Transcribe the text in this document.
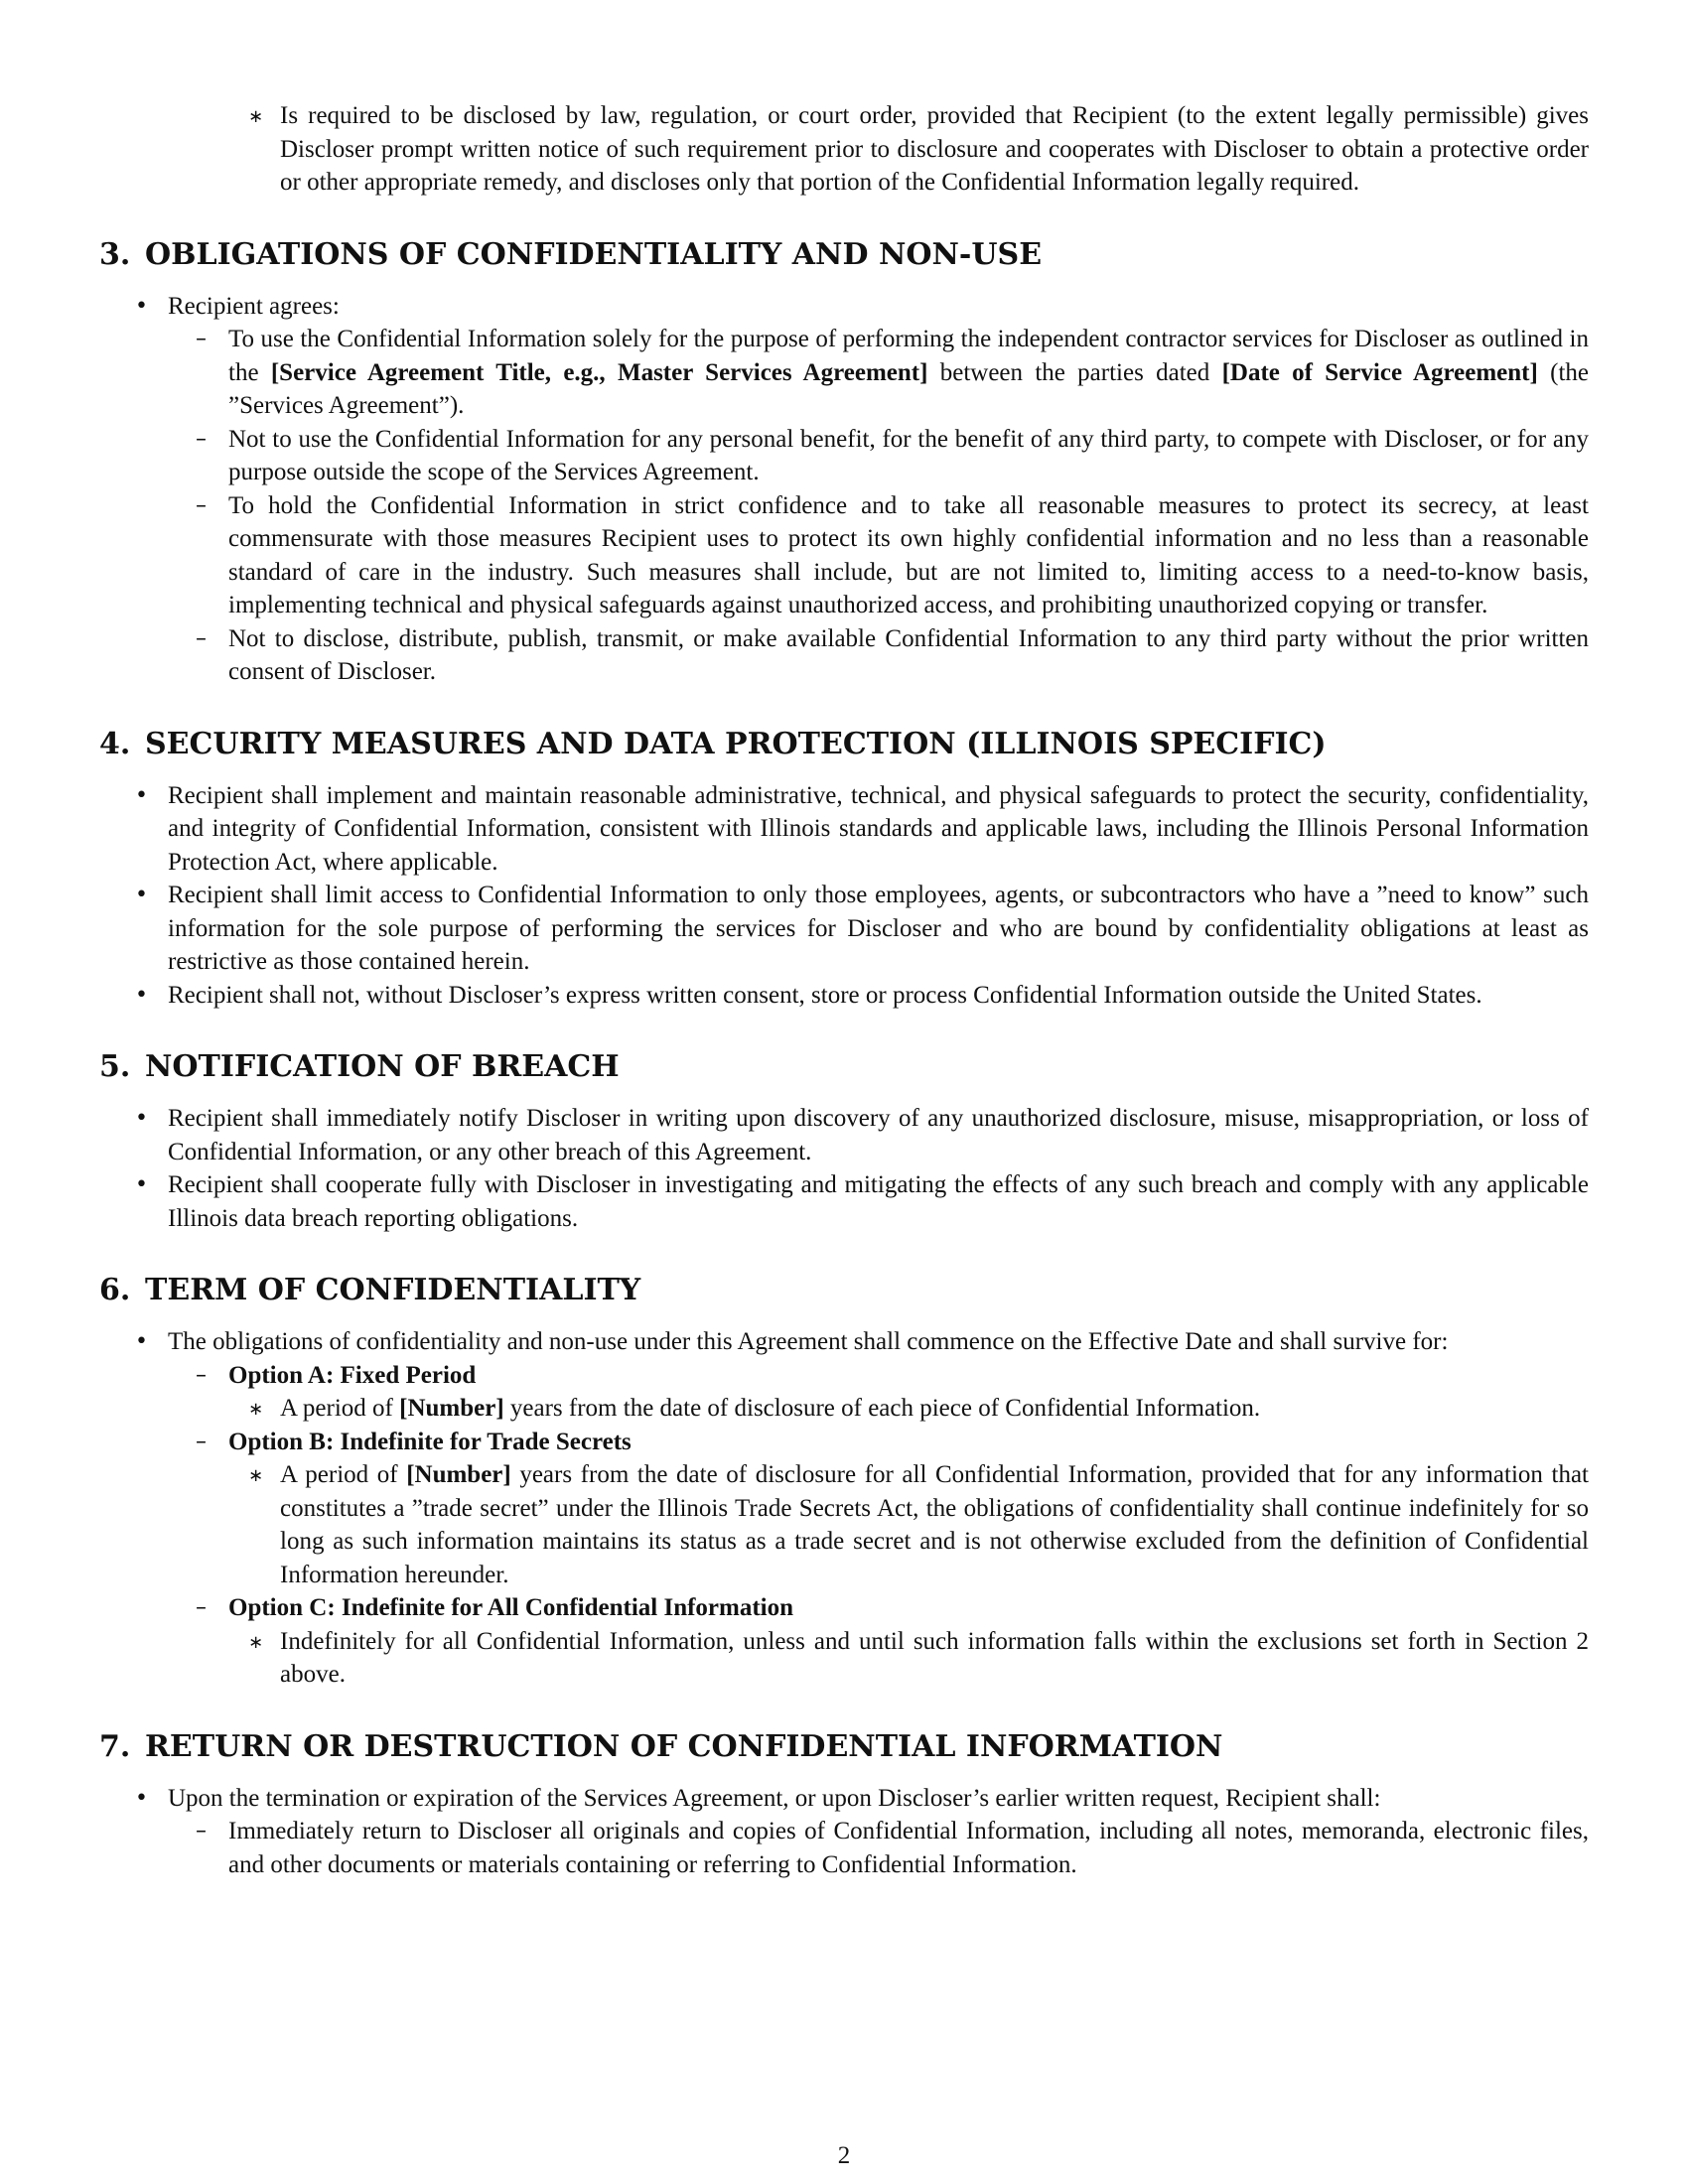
∗ Is required to be disclosed by law, regulation, or court order, provided that Recipient (to the extent legally permissible) gives Discloser prompt written notice of such requirement prior to disclosure and cooperates with Discloser to obtain a protective order or other appropriate remedy, and discloses only that portion of the Confidential Information legally required.
3. OBLIGATIONS OF CONFIDENTIALITY AND NON-USE
• Recipient agrees:
– To use the Confidential Information solely for the purpose of performing the independent contractor services for Discloser as outlined in the [Service Agreement Title, e.g., Master Services Agreement] between the parties dated [Date of Service Agreement] (the ”Services Agreement”).
– Not to use the Confidential Information for any personal benefit, for the benefit of any third party, to compete with Discloser, or for any purpose outside the scope of the Services Agreement.
– To hold the Confidential Information in strict confidence and to take all reasonable measures to protect its secrecy, at least commensurate with those measures Recipient uses to protect its own highly confidential information and no less than a reasonable standard of care in the industry. Such measures shall include, but are not limited to, limiting access to a need-to-know basis, implementing technical and physical safeguards against unauthorized access, and prohibiting unauthorized copying or transfer.
– Not to disclose, distribute, publish, transmit, or make available Confidential Information to any third party without the prior written consent of Discloser.
4. SECURITY MEASURES AND DATA PROTECTION (ILLINOIS SPECIFIC)
• Recipient shall implement and maintain reasonable administrative, technical, and physical safeguards to protect the security, confidentiality, and integrity of Confidential Information, consistent with Illinois standards and applicable laws, including the Illinois Personal Information Protection Act, where applicable.
• Recipient shall limit access to Confidential Information to only those employees, agents, or subcontractors who have a ”need to know” such information for the sole purpose of performing the services for Discloser and who are bound by confidentiality obligations at least as restrictive as those contained herein.
• Recipient shall not, without Discloser’s express written consent, store or process Confidential Information outside the United States.
5. NOTIFICATION OF BREACH
• Recipient shall immediately notify Discloser in writing upon discovery of any unauthorized disclosure, misuse, misappropriation, or loss of Confidential Information, or any other breach of this Agreement.
• Recipient shall cooperate fully with Discloser in investigating and mitigating the effects of any such breach and comply with any applicable Illinois data breach reporting obligations.
6. TERM OF CONFIDENTIALITY
• The obligations of confidentiality and non-use under this Agreement shall commence on the Effective Date and shall survive for:
– Option A: Fixed Period
∗ A period of [Number] years from the date of disclosure of each piece of Confidential Information.
– Option B: Indefinite for Trade Secrets
∗ A period of [Number] years from the date of disclosure for all Confidential Information, provided that for any information that constitutes a ”trade secret” under the Illinois Trade Secrets Act, the obligations of confidentiality shall continue indefinitely for so long as such information maintains its status as a trade secret and is not otherwise excluded from the definition of Confidential Information hereunder.
– Option C: Indefinite for All Confidential Information
∗ Indefinitely for all Confidential Information, unless and until such information falls within the exclusions set forth in Section 2 above.
7. RETURN OR DESTRUCTION OF CONFIDENTIAL INFORMATION
• Upon the termination or expiration of the Services Agreement, or upon Discloser’s earlier written request, Recipient shall:
– Immediately return to Discloser all originals and copies of Confidential Information, including all notes, memoranda, electronic files, and other documents or materials containing or referring to Confidential Information.
2
